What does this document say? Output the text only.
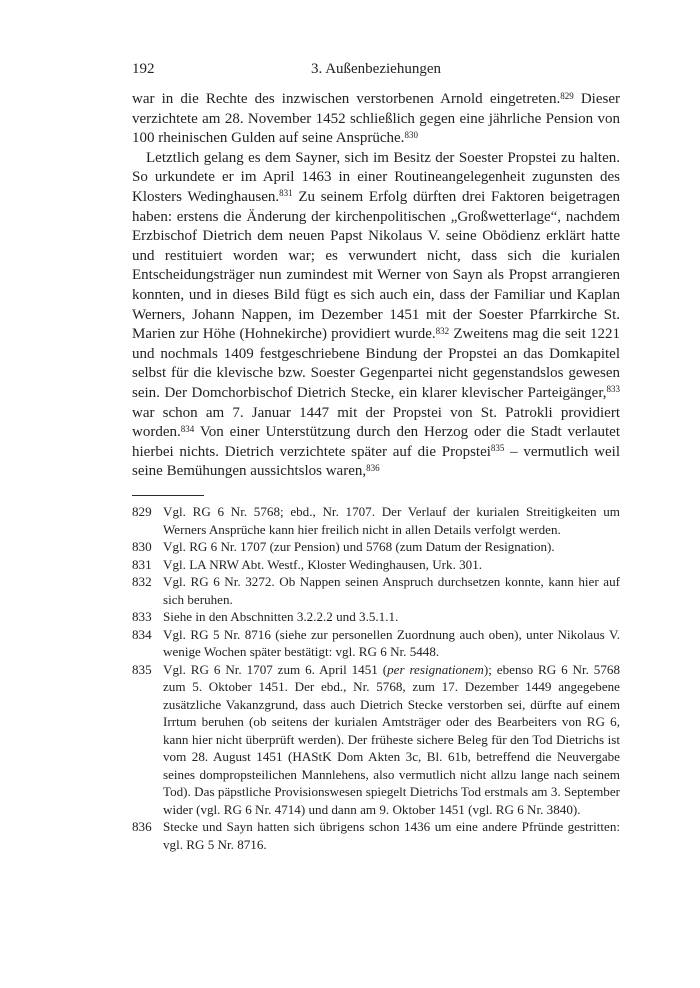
192	3. Außenbeziehungen

war in die Rechte des inzwischen verstorbenen Arnold eingetreten.$^{829}$ Dieser verzichtete am 28. November 1452 schließlich gegen eine jährliche Pension von 100 rheinischen Gulden auf seine Ansprüche.$^{830}$

Letztlich gelang es dem Sayner, sich im Besitz der Soester Propstei zu halten. So urkundete er im April 1463 in einer Routineangelegenheit zugunsten des Klosters Wedinghausen.$^{831}$ Zu seinem Erfolg dürften drei Faktoren beigetragen haben: erstens die Änderung der kirchenpolitischen „Großwetterlage“, nachdem Erzbischof Dietrich dem neuen Papst Nikolaus V. seine Obödienz erklärt hatte und restituiert worden war; es verwundert nicht, dass sich die kurialen Entscheidungsträger nun zumindest mit Werner von Sayn als Propst arrangieren konnten, und in dieses Bild fügt es sich auch ein, dass der Familiar und Kaplan Werners, Johann Nappen, im Dezember 1451 mit der Soester Pfarrkirche St. Marien zur Höhe (Hohnekirche) providiert wurde.$^{832}$ Zweitens mag die seit 1221 und nochmals 1409 festgeschriebene Bindung der Propstei an das Domkapitel selbst für die klevische bzw. Soester Gegenpartei nicht gegenstandslos gewesen sein. Der Domchorbischof Dietrich Stecke, ein klarer klevischer Parteigänger,$^{833}$ war schon am 7. Januar 1447 mit der Propstei von St. Patrokli providiert worden.$^{834}$ Von einer Unterstützung durch den Herzog oder die Stadt verlautet hierbei nichts. Dietrich verzichtete später auf die Propstei$^{835}$ – vermutlich weil seine Bemühungen aussichtslos waren,$^{836}$

829 Vgl. RG 6 Nr. 5768; ebd., Nr. 1707. Der Verlauf der kurialen Streitigkeiten um Werners Ansprüche kann hier freilich nicht in allen Details verfolgt werden.
830 Vgl. RG 6 Nr. 1707 (zur Pension) und 5768 (zum Datum der Resignation).
831 Vgl. LA NRW Abt. Westf., Kloster Wedinghausen, Urk. 301.
832 Vgl. RG 6 Nr. 3272. Ob Nappen seinen Anspruch durchsetzen konnte, kann hier auf sich beruhen.
833 Siehe in den Abschnitten 3.2.2.2 und 3.5.1.1.
834 Vgl. RG 5 Nr. 8716 (siehe zur personellen Zuordnung auch oben), unter Nikolaus V. wenige Wochen später bestätigt: vgl. RG 6 Nr. 5448.
835 Vgl. RG 6 Nr. 1707 zum 6. April 1451 (per resignationem); ebenso RG 6 Nr. 5768 zum 5. Oktober 1451. Der ebd., Nr. 5768, zum 17. Dezember 1449 angegebene zusätzliche Vakanzgrund, dass auch Dietrich Stecke verstorben sei, dürfte auf einem Irrtum beruhen (ob seitens der kurialen Amtsträger oder des Bearbeiters von RG 6, kann hier nicht überprüft werden). Der früheste sichere Beleg für den Tod Dietrichs ist vom 28. August 1451 (HAStK Dom Akten 3c, Bl. 61b, betreffend die Neuvergabe seines dompropsteilichen Mannlehens, also vermutlich nicht allzu lange nach seinem Tod). Das päpstliche Provisionswesen spiegelt Dietrichs Tod erstmals am 3. September wider (vgl. RG 6 Nr. 4714) und dann am 9. Oktober 1451 (vgl. RG 6 Nr. 3840).
836 Stecke und Sayn hatten sich übrigens schon 1436 um eine andere Pfründe gestritten: vgl. RG 5 Nr. 8716.
